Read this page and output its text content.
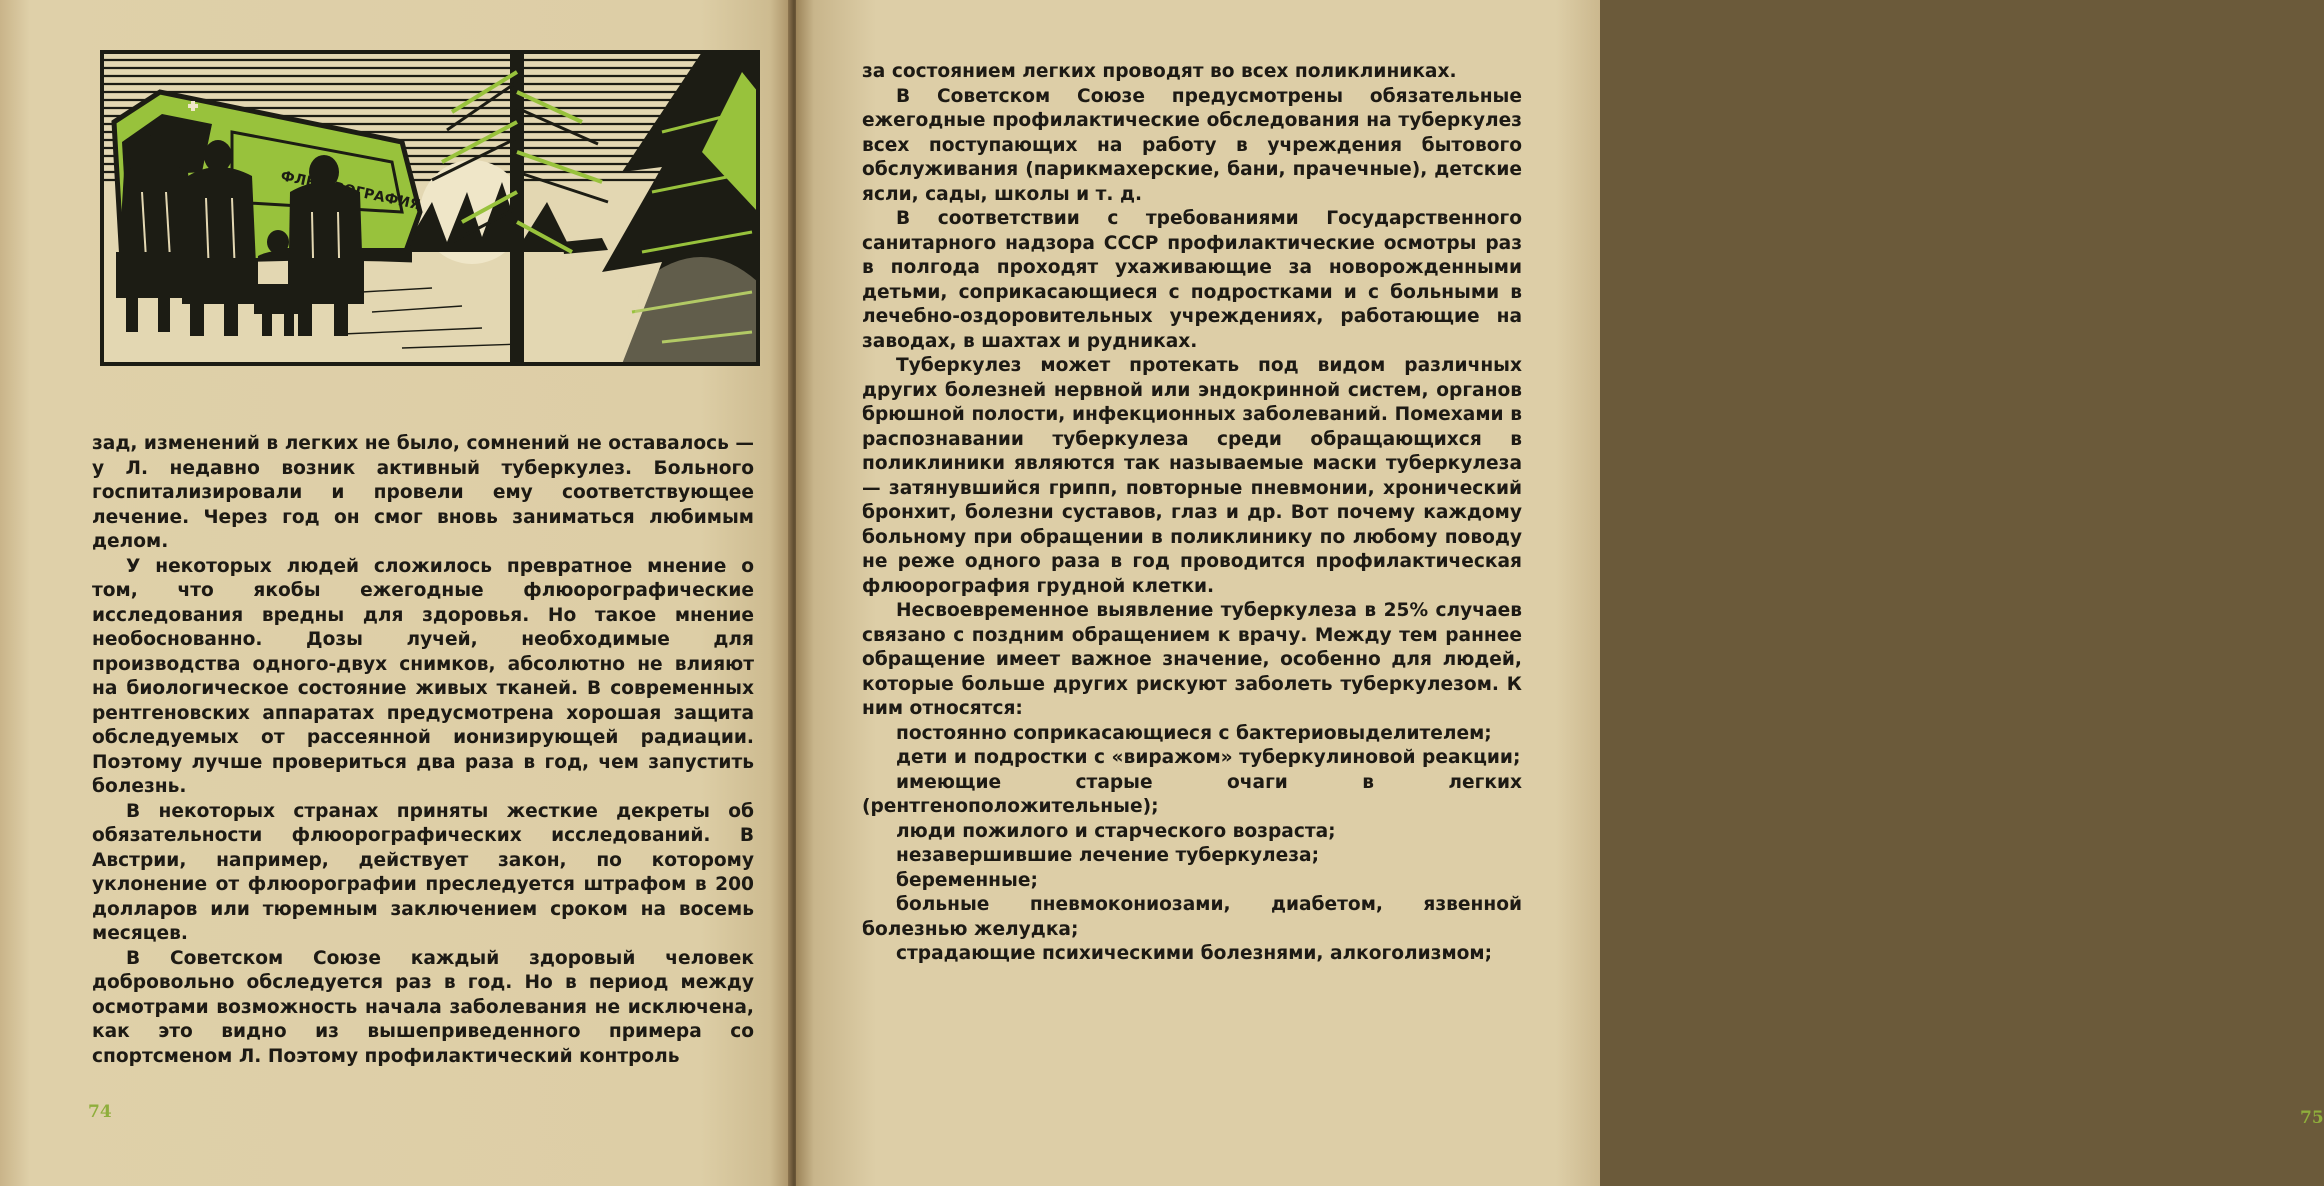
зад, изменений в легких не было, сомнений не оставалось — у Л. недавно возник активный туберкулез. Больного госпитализировали и провели ему соответствующее лечение. Через год он смог вновь заниматься любимым делом.

У некоторых людей сложилось превратное мнение о том, что якобы ежегодные флюорографические исследования вредны для здоровья. Но такое мнение необоснованно. Дозы лучей, необходимые для производства одного-двух снимков, абсолютно не влияют на биологическое состояние живых тканей. В современных рентгеновских аппаратах предусмотрена хорошая защита обследуемых от рассеянной ионизирующей радиации. Поэтому лучше провериться два раза в год, чем запустить болезнь.

В некоторых странах приняты жесткие декреты об обязательности флюорографических исследований. В Австрии, например, действует закон, по которому уклонение от флюорографии преследуется штрафом в 200 долларов или тюремным заключением сроком на восемь месяцев.

В Советском Союзе каждый здоровый человек добровольно обследуется раз в год. Но в период между осмотрами возможность начала заболевания не исключена, как это видно из вышеприведенного примера со спортсменом Л. Поэтому профилактический контроль

74	75

за состоянием легких проводят во всех поликлиниках.

В Советском Союзе предусмотрены обязательные ежегодные профилактические обследования на туберкулез всех поступающих на работу в учреждения бытового обслуживания (парикмахерские, бани, прачечные), детские ясли, сады, школы и т. д.

В соответствии с требованиями Государственного санитарного надзора СССР профилактические осмотры раз в полгода проходят ухаживающие за новорожденными детьми, соприкасающиеся с подростками и с больными в лечебно-оздоровительных учреждениях, работающие на заводах, в шахтах и рудниках.

Туберкулез может протекать под видом различных других болезней нервной или эндокринной систем, органов брюшной полости, инфекционных заболеваний. Помехами в распознавании туберкулеза среди обращающихся в поликлиники являются так называемые маски туберкулеза — затянувшийся грипп, повторные пневмонии, хронический бронхит, болезни суставов, глаз и др. Вот почему каждому больному при обращении в поликлинику по любому поводу не реже одного раза в год проводится профилактическая флюорография грудной клетки.

Несвоевременное выявление туберкулеза в 25% случаев связано с поздним обращением к врачу. Между тем раннее обращение имеет важное значение, особенно для людей, которые больше других рискуют заболеть туберкулезом. К ним относятся:

постоянно соприкасающиеся с бактериовыделителем;

дети и подростки с «виражом» туберкулиновой реакции;

имеющие старые очаги в легких (рентгеноположительные);

люди пожилого и старческого возраста;

незавершившие лечение туберкулеза;

беременные;

больные пневмокониозами, диабетом, язвенной болезнью желудка;

страдающие психическими болезнями, алкоголизмом;
